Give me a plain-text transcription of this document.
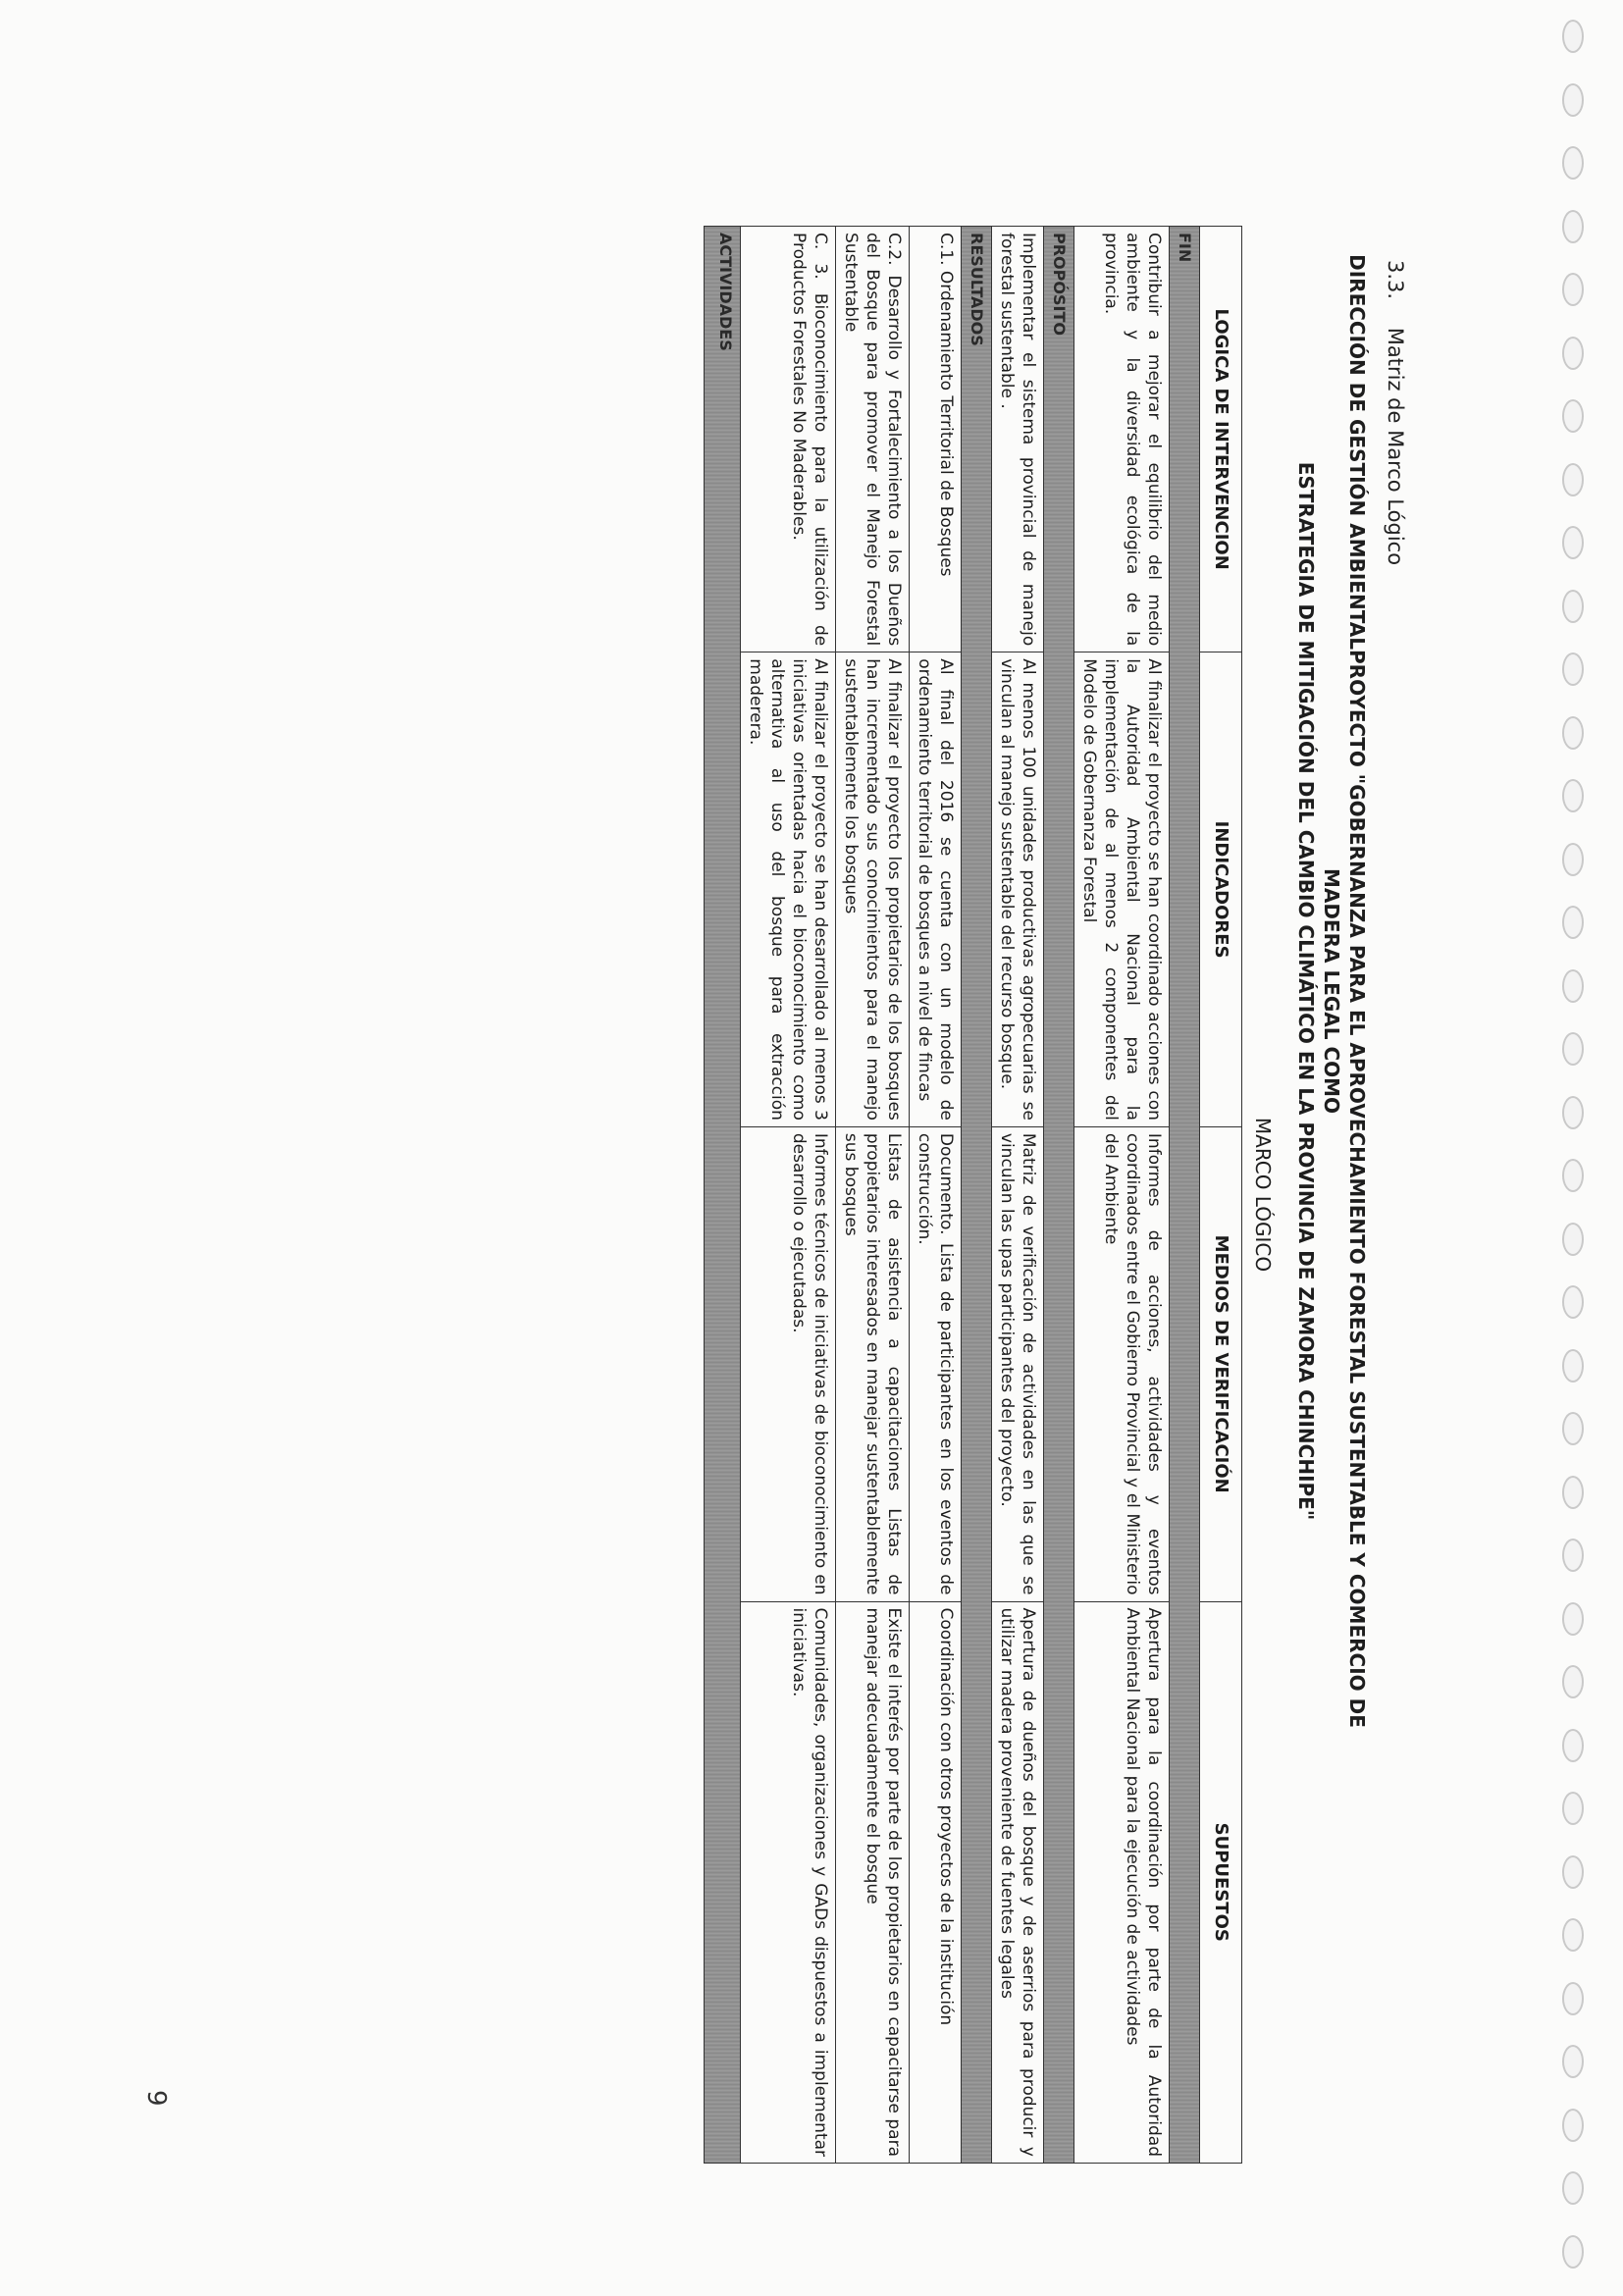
3.3. Matriz de Marco Lógico
DIRECCIÓN DE GESTIÓN AMBIENTALPROYECTO "GOBERNANZA PARA EL APROVECHAMIENTO FORESTAL SUSTENTABLE Y COMERCIO DE MADERA LEGAL COMO
ESTRATEGIA DE MITIGACIÓN DEL CAMBIO CLIMÁTICO EN LA PROVINCIA DE ZAMORA CHINCHIPE"
MARCO LÓGICO
LOGICA DE INTERVENCION	INDICADORES	MEDIOS DE VERIFICACIÓN	SUPUESTOS
FIN			
Contribuir a mejorar el equilibrio del medio ambiente y la diversidad ecológica de la provincia.	Al finalizar el proyecto se han coordinado acciones con la Autoridad Ambiental Nacional para la implementación de al menos 2 componentes del Modelo de Gobernanza Forestal	Informes de acciones, actividades y eventos coordinados entre el Gobierno Provincial y el Ministerio del Ambiente	Apertura para la coordinación por parte de la Autoridad Ambiental Nacional para la ejecución de actividades
PROPÓSITO			
Implementar el sistema provincial de manejo forestal sustentable .	Al menos 100 unidades productivas agropecuarias se vinculan al manejo sustentable del recurso bosque.	Matriz de verificación de actividades en las que se vinculan las upas participantes del proyecto.	Apertura de dueños del bosque y de aserrios para producir y utilizar madera proveniente de fuentes legales
RESULTADOS			
C.1. Ordenamiento Territorial de Bosques	Al final del 2016 se cuenta con un modelo de ordenamiento territorial de bosques a nivel de fincas	Documento. Lista de participantes en los eventos de construcción.	Coordinación con otros proyectos de la institución
C.2. Desarrollo y Fortalecimiento a los Dueños del Bosque para promover el Manejo Forestal Sustentable	Al finalizar el proyecto los propietarios de los bosques han incrementado sus conocimientos para el manejo sustentablemente los bosques	Listas de asistencia a capacitaciones Listas de propietarios interesados en manejar sustentablemente sus bosques	Existe el interés por parte de los propietarios en capacitarse para manejar adecuadamente el bosque
C. 3. Bioconocimiento para la utilización de Productos Forestales No Maderables.	Al finalizar el proyecto se han desarrollado al menos 3 iniciativas orientadas hacia el bioconocimiento como alternativa al uso del bosque para extracción maderera.	Informes técnicos de iniciativas de bioconocimiento en desarrollo o ejecutadas.	Comunidades, organizaciones y GADs dispuestos a implementar iniciativas.
ACTIVIDADES			
9
